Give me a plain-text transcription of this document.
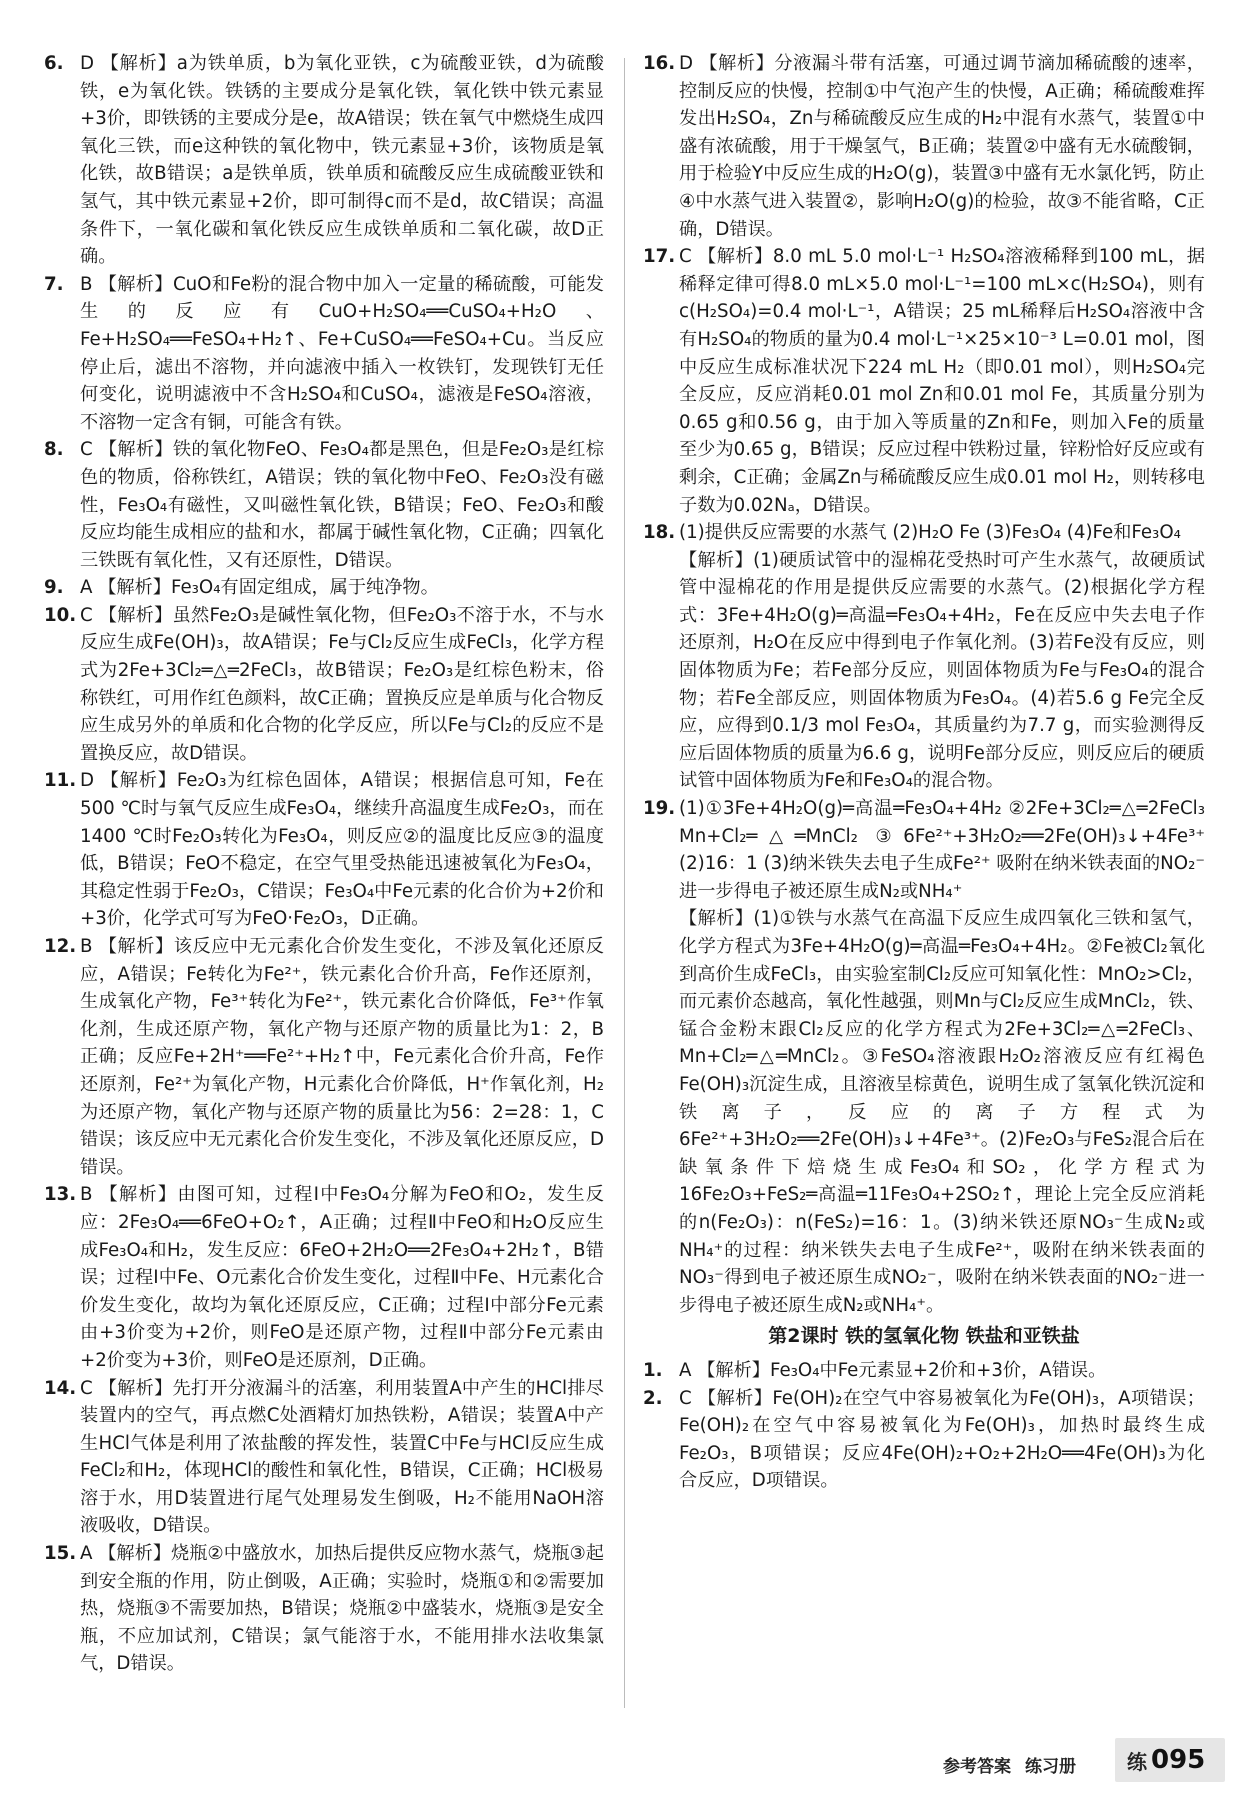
6. D 【解析】a为铁单质，b为氧化亚铁，c为硫酸亚铁，d为硫酸铁，e为氧化铁。铁锈的主要成分是氧化铁，氧化铁中铁元素显+3价，即铁锈的主要成分是e，故A错误；铁在氧气中燃烧生成四氧化三铁，而e这种铁的氧化物中，铁元素显+3价，该物质是氧化铁，故B错误；a是铁单质，铁单质和硫酸反应生成硫酸亚铁和氢气，其中铁元素显+2价，即可制得c而不是d，故C错误；高温条件下，一氧化碳和氧化铁反应生成铁单质和二氧化碳，故D正确。

7. B 【解析】CuO和Fe粉的混合物中加入一定量的稀硫酸，可能发生的反应有CuO+H₂SO₄══CuSO₄+H₂O、Fe+H₂SO₄══FeSO₄+H₂↑、Fe+CuSO₄══FeSO₄+Cu。当反应停止后，滤出不溶物，并向滤液中插入一枚铁钉，发现铁钉无任何变化，说明滤液中不含H₂SO₄和CuSO₄，滤液是FeSO₄溶液，不溶物一定含有铜，可能含有铁。

8. C 【解析】铁的氧化物FeO、Fe₃O₄都是黑色，但是Fe₂O₃是红棕色的物质，俗称铁红，A错误；铁的氧化物中FeO、Fe₂O₃没有磁性，Fe₃O₄有磁性，又叫磁性氧化铁，B错误；FeO、Fe₂O₃和酸反应均能生成相应的盐和水，都属于碱性氧化物，C正确；四氧化三铁既有氧化性，又有还原性，D错误。

9. A 【解析】Fe₃O₄有固定组成，属于纯净物。

10. C 【解析】虽然Fe₂O₃是碱性氧化物，但Fe₂O₃不溶于水，不与水反应生成Fe(OH)₃，故A错误；Fe与Cl₂反应生成FeCl₃，化学方程式为2Fe+3Cl₂═△═2FeCl₃，故B错误；Fe₂O₃是红棕色粉末，俗称铁红，可用作红色颜料，故C正确；置换反应是单质与化合物反应生成另外的单质和化合物的化学反应，所以Fe与Cl₂的反应不是置换反应，故D错误。

11. D 【解析】Fe₂O₃为红棕色固体，A错误；根据信息可知，Fe在500 ℃时与氧气反应生成Fe₃O₄，继续升高温度生成Fe₂O₃，而在1400 ℃时Fe₂O₃转化为Fe₃O₄，则反应②的温度比反应③的温度低，B错误；FeO不稳定，在空气里受热能迅速被氧化为Fe₃O₄，其稳定性弱于Fe₂O₃，C错误；Fe₃O₄中Fe元素的化合价为+2价和+3价，化学式可写为FeO·Fe₂O₃，D正确。

12. B 【解析】该反应中无元素化合价发生变化，不涉及氧化还原反应，A错误；Fe转化为Fe²⁺，铁元素化合价升高，Fe作还原剂，生成氧化产物，Fe³⁺转化为Fe²⁺，铁元素化合价降低，Fe³⁺作氧化剂，生成还原产物，氧化产物与还原产物的质量比为1：2，B正确；反应Fe+2H⁺══Fe²⁺+H₂↑中，Fe元素化合价升高，Fe作还原剂，Fe²⁺为氧化产物，H元素化合价降低，H⁺作氧化剂，H₂为还原产物，氧化产物与还原产物的质量比为56：2=28：1，C错误；该反应中无元素化合价发生变化，不涉及氧化还原反应，D错误。

13. B 【解析】由图可知，过程Ⅰ中Fe₃O₄分解为FeO和O₂，发生反应：2Fe₃O₄══6FeO+O₂↑，A正确；过程Ⅱ中FeO和H₂O反应生成Fe₃O₄和H₂，发生反应：6FeO+2H₂O══2Fe₃O₄+2H₂↑，B错误；过程Ⅰ中Fe、O元素化合价发生变化，过程Ⅱ中Fe、H元素化合价发生变化，故均为氧化还原反应，C正确；过程Ⅰ中部分Fe元素由+3价变为+2价，则FeO是还原产物，过程Ⅱ中部分Fe元素由+2价变为+3价，则FeO是还原剂，D正确。

14. C 【解析】先打开分液漏斗的活塞，利用装置A中产生的HCl排尽装置内的空气，再点燃C处酒精灯加热铁粉，A错误；装置A中产生HCl气体是利用了浓盐酸的挥发性，装置C中Fe与HCl反应生成FeCl₂和H₂，体现HCl的酸性和氧化性，B错误，C正确；HCl极易溶于水，用D装置进行尾气处理易发生倒吸，H₂不能用NaOH溶液吸收，D错误。

15. A 【解析】烧瓶②中盛放水，加热后提供反应物水蒸气，烧瓶③起到安全瓶的作用，防止倒吸，A正确；实验时，烧瓶①和②需要加热，烧瓶③不需要加热，B错误；烧瓶②中盛装水，烧瓶③是安全瓶，不应加试剂，C错误；氯气能溶于水，不能用排水法收集氯气，D错误。

16. D 【解析】分液漏斗带有活塞，可通过调节滴加稀硫酸的速率，控制反应的快慢，控制①中气泡产生的快慢，A正确；稀硫酸难挥发出H₂SO₄，Zn与稀硫酸反应生成的H₂中混有水蒸气，装置①中盛有浓硫酸，用于干燥氢气，B正确；装置②中盛有无水硫酸铜，用于检验Y中反应生成的H₂O(g)，装置③中盛有无水氯化钙，防止④中水蒸气进入装置②，影响H₂O(g)的检验，故③不能省略，C正确，D错误。

17. C 【解析】8.0 mL 5.0 mol·L⁻¹ H₂SO₄溶液稀释到100 mL，据稀释定律可得8.0 mL×5.0 mol·L⁻¹=100 mL×c(H₂SO₄)，则有c(H₂SO₄)=0.4 mol·L⁻¹，A错误；25 mL稀释后H₂SO₄溶液中含有H₂SO₄的物质的量为0.4 mol·L⁻¹×25×10⁻³ L=0.01 mol，图中反应生成标准状况下224 mL H₂（即0.01 mol），则H₂SO₄完全反应，反应消耗0.01 mol Zn和0.01 mol Fe，其质量分别为0.65 g和0.56 g，由于加入等质量的Zn和Fe，则加入Fe的质量至少为0.65 g，B错误；反应过程中铁粉过量，锌粉恰好反应或有剩余，C正确；金属Zn与稀硫酸反应生成0.01 mol H₂，则转移电子数为0.02Nₐ，D错误。

18. (1)提供反应需要的水蒸气 (2)H₂O Fe (3)Fe₃O₄ (4)Fe和Fe₃O₄

【解析】(1)硬质试管中的湿棉花受热时可产生水蒸气，故硬质试管中湿棉花的作用是提供反应需要的水蒸气。(2)根据化学方程式：3Fe+4H₂O(g)═高温═Fe₃O₄+4H₂，Fe在反应中失去电子作还原剂，H₂O在反应中得到电子作氧化剂。(3)若Fe没有反应，则固体物质为Fe；若Fe部分反应，则固体物质为Fe与Fe₃O₄的混合物；若Fe全部反应，则固体物质为Fe₃O₄。(4)若5.6 g Fe完全反应，应得到0.1/3 mol Fe₃O₄，其质量约为7.7 g，而实验测得反应后固体物质的质量为6.6 g，说明Fe部分反应，则反应后的硬质试管中固体物质为Fe和Fe₃O₄的混合物。

19. (1)①3Fe+4H₂O(g)═高温═Fe₃O₄+4H₂ ②2Fe+3Cl₂═△═2FeCl₃ Mn+Cl₂═△═MnCl₂ ③6Fe²⁺+3H₂O₂══2Fe(OH)₃↓+4Fe³⁺ (2)16：1 (3)纳米铁失去电子生成Fe²⁺ 吸附在纳米铁表面的NO₂⁻进一步得电子被还原生成N₂或NH₄⁺

【解析】(1)①铁与水蒸气在高温下反应生成四氧化三铁和氢气，化学方程式为3Fe+4H₂O(g)═高温═Fe₃O₄+4H₂。②Fe被Cl₂氧化到高价生成FeCl₃，由实验室制Cl₂反应可知氧化性：MnO₂>Cl₂，而元素价态越高，氧化性越强，则Mn与Cl₂反应生成MnCl₂，铁、锰合金粉末跟Cl₂反应的化学方程式为2Fe+3Cl₂═△═2FeCl₃、Mn+Cl₂═△═MnCl₂。③FeSO₄溶液跟H₂O₂溶液反应有红褐色Fe(OH)₃沉淀生成，且溶液呈棕黄色，说明生成了氢氧化铁沉淀和铁离子，反应的离子方程式为6Fe²⁺+3H₂O₂══2Fe(OH)₃↓+4Fe³⁺。(2)Fe₂O₃与FeS₂混合后在缺氧条件下焙烧生成Fe₃O₄和SO₂，化学方程式为16Fe₂O₃+FeS₂═高温═11Fe₃O₄+2SO₂↑，理论上完全反应消耗的n(Fe₂O₃)：n(FeS₂)=16：1。(3)纳米铁还原NO₃⁻生成N₂或NH₄⁺的过程：纳米铁失去电子生成Fe²⁺，吸附在纳米铁表面的NO₃⁻得到电子被还原生成NO₂⁻，吸附在纳米铁表面的NO₂⁻进一步得电子被还原生成N₂或NH₄⁺。

第2课时 铁的氢氧化物 铁盐和亚铁盐
1. A 【解析】Fe₃O₄中Fe元素显+2价和+3价，A错误。

2. C 【解析】Fe(OH)₂在空气中容易被氧化为Fe(OH)₃，A项错误；Fe(OH)₂在空气中容易被氧化为Fe(OH)₃，加热时最终生成Fe₂O₃，B项错误；反应4Fe(OH)₂+O₂+2H₂O══4Fe(OH)₃为化合反应，D项错误。

参考答案 练习册	练 095
